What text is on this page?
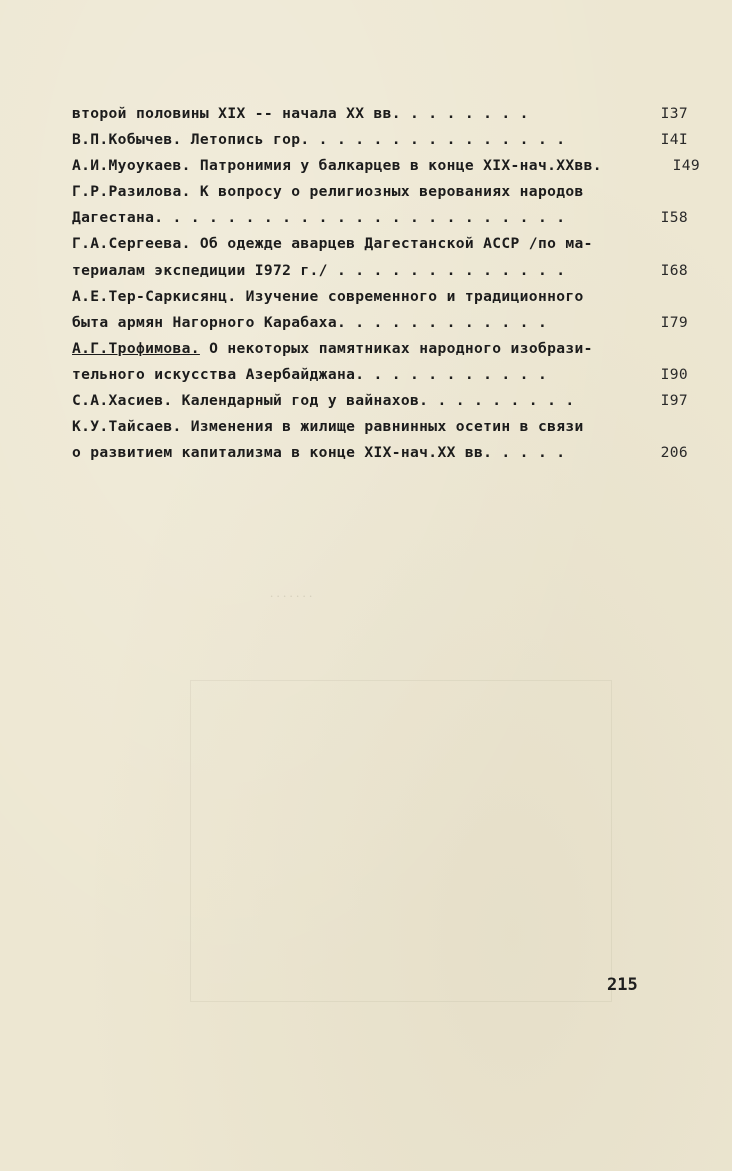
. . . . . . .
второй половины XIX -- начала XX вв. . . . . . . .	I37
В.П.Кобычев. Летопись гор. . . . . . . . . . . . . . .	I4I
А.И.Муоукаев. Патронимия у балкарцев в конце XIX-нач.XXвв.	I49
Г.Р.Разилова. К вопросу о религиозных верованиях народов
Дагестана. . . . . . . . . . . . . . . . . . . . . . .	I58
Г.А.Сергеева. Об одежде аварцев Дагестанской АССР /по ма-
териалам экспедиции I972 г./ . . . . . . . . . . . . .	I68
А.Е.Тер-Саркисянц. Изучение современного и традиционного
быта армян Нагорного Карабаха. . . . . . . . . . . .	I79
А.Г.Трофимова. О некоторых памятниках народного изобрази-
тельного искусства Азербайджана. . . . . . . . . . .	I90
С.А.Хасиев. Календарный год у вайнахов. . . . . . . . .	I97
К.У.Тайсаев. Изменения в жилище равнинных осетин в связи
о развитием капитализма в конце XIX-нач.XX вв. . . . .	206
215
